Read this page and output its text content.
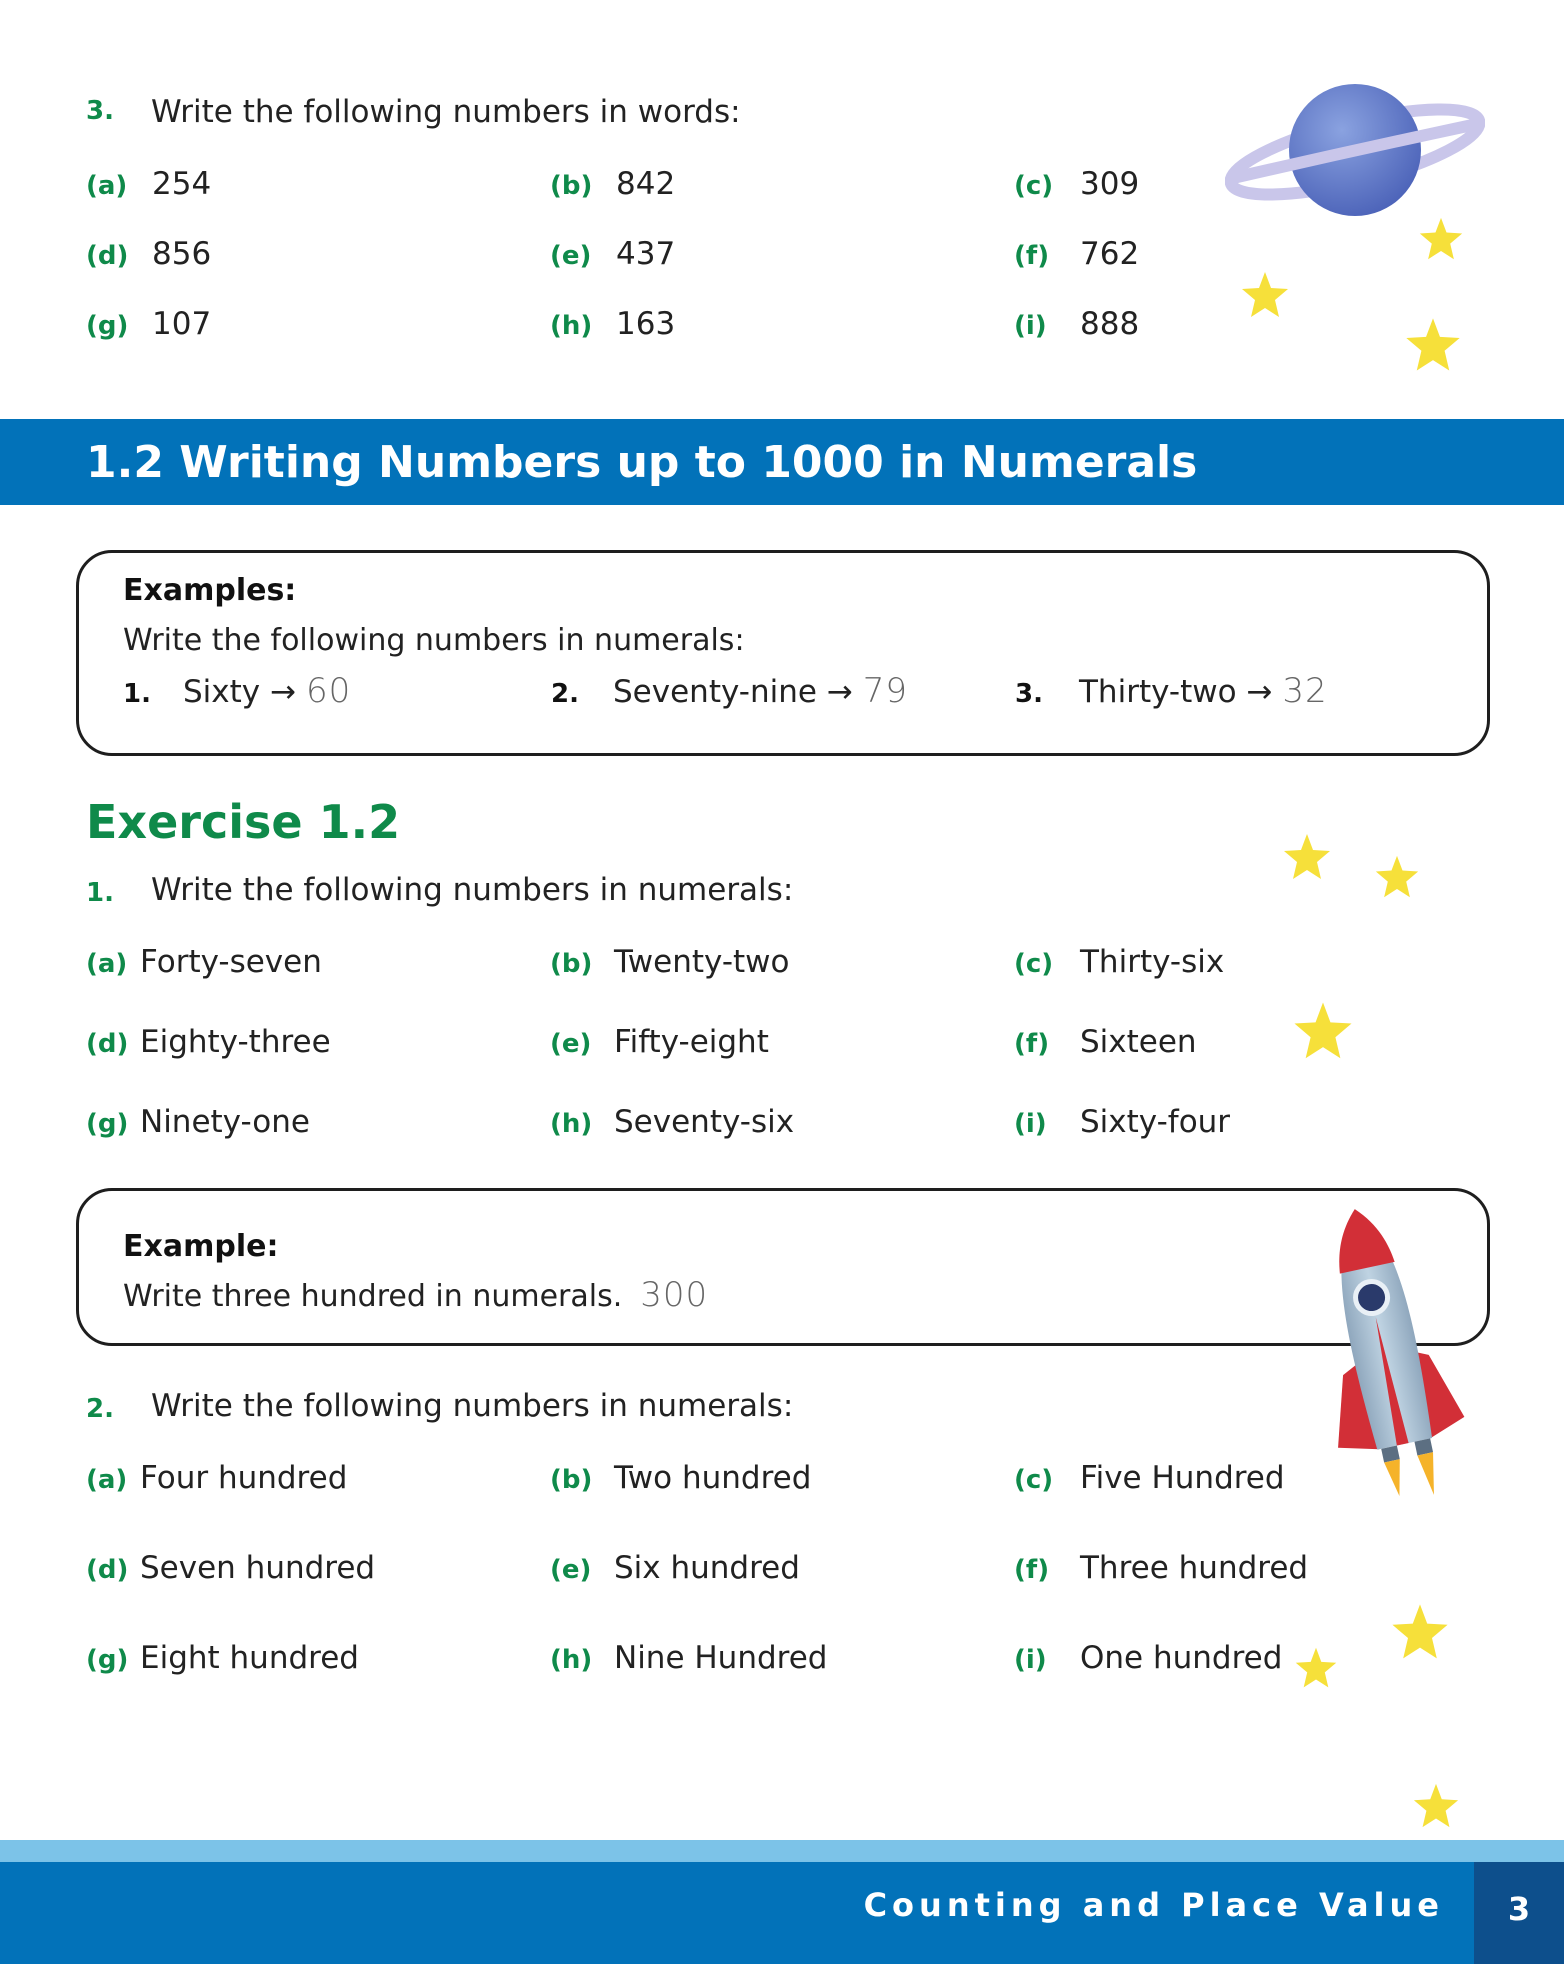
3. Write the following numbers in words:
(a) 254	(b) 842	(c) 309
(d) 856	(e) 437	(f) 762
(g) 107	(h) 163	(i)	888
1.2 Writing Numbers up to 1000 in Numerals
Examples:
Write the following numbers in numerals:
1.	Sixty → 60	2.	Seventy-nine → 79	3.	Thirty-two → 32
Exercise 1.2
1. Write the following numbers in numerals:
(a) Forty-seven	(b) Twenty-two	(c) Thirty-six
(d) Eighty-three	(e) Fifty-eight	(f) Sixteen
(g) Ninety-one	(h) Seventy-six	(i)	Sixty-four
Example:
Write three hundred in numerals. 300
2. Write the following numbers in numerals:
(a) Four hundred	(b) Two hundred	(c) Five Hundred
(d) Seven hundred	(e) Six hundred	(f) Three hundred
(g) Eight hundred	(h) Nine Hundred	(i)	One hundred
Counting and Place Value	3
